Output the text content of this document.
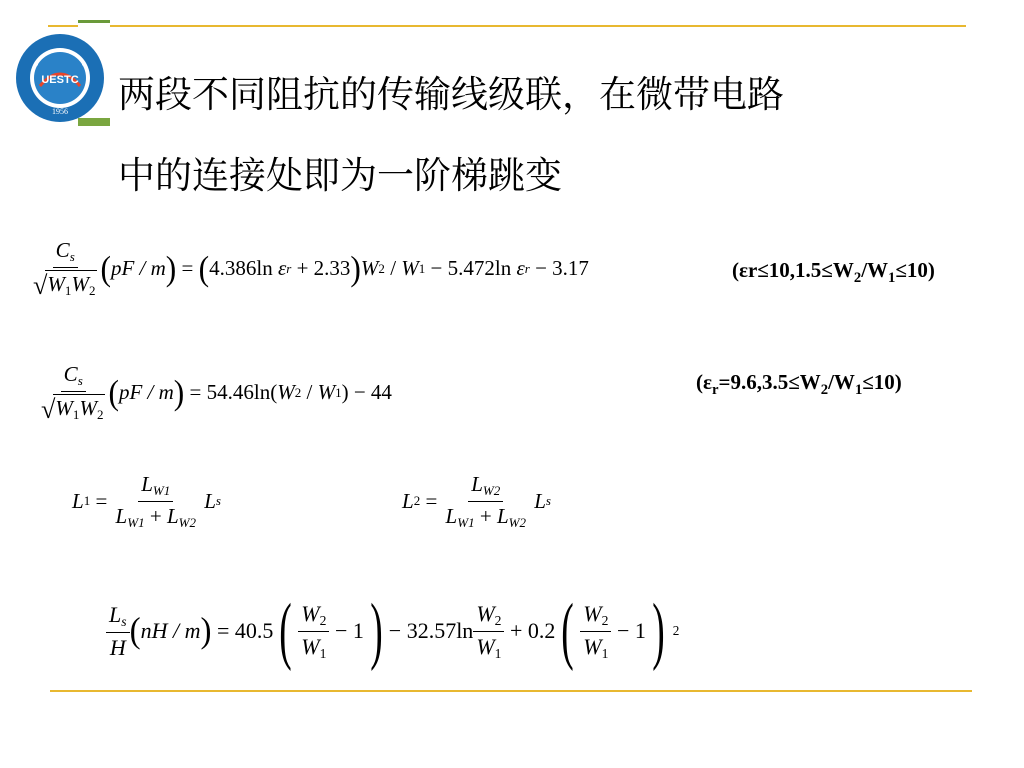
UESTC
1956 两段不同阻抗的传输线级联，在微带电路
中的连接处即为一阶梯跳变
$\frac{Cs}{√ W_1W_2}$ ( pF / m ) = ( 4.386ln
ε r
+ 2.33 ) W 2 / W 1
− 5.472ln
ε r
− 3.17	$(\varepsilon r\le 10,1.5\le W_2/W_1\le 10)$
$\frac{Cs}{√ W_1W_2}$ ( pF / m )
= 54.46ln( W 2 / W 1 ) − 44	$(\varepsilon_r=9.6,3.5\le W_2/W_1\le 10)$
L $1 = \frac{LW1}{LW1 + LW2}$
L s	L $2 = \frac{LW2}{LW1 + LW2}$
L s
$\frac{Ls}{H}$ ( nH / m )
= 40.5 ( $\frac{W_2}{W_1}$
− 1 ) − $32.57\ln \frac{W_2}{W_1}$
+ 0.2 ( $\frac{W_2}{W_1}$
− 1 ) 2
